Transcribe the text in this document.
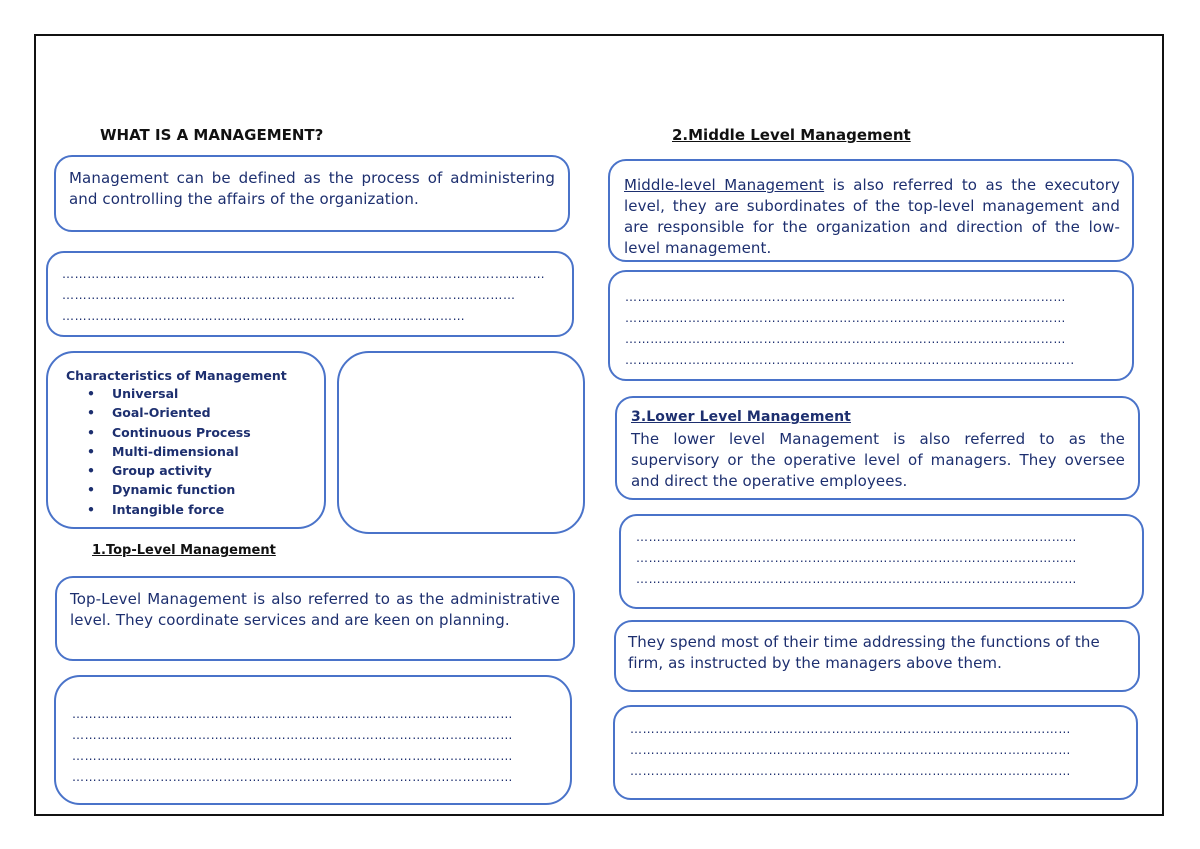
WHAT IS A MANAGEMENT?
Management can be defined as the process of administering and controlling the affairs of the organization.
………………………………………………………………………………………….…………
………………………………………………………………………………………………
……………………………………………………………………………………
Characteristics of Management
• Universal
• Goal-Oriented
• Continuous Process
• Multi-dimensional
• Group activity
• Dynamic function
• Intangible force
1.Top-Level Management
Top-Level Management is also referred to as the administrative level. They coordinate services and are keen on planning.
……………………………………………………………………………………………
……………………………………………………………………………………………
……………………………………………………………………………………………
……………………………………………………………………………………………
2.Middle Level Management
Middle-level Management is also referred to as the executory level, they are subordinates of the top-level management and are responsible for the organization and direction of the low-level management.
……………………………………………………………………………………………
……………………………………………………………………………………………
……………………………………………………………………………………………
……………………………………………………………………………………………..
3.Lower Level Management
The lower level Management is also referred to as the supervisory or the operative level of managers. They oversee and direct the operative employees.
……………………………………………………………………………………………
……………………………………………………………………………………………
……………………………………………………………………………………………
They spend most of their time addressing the functions of the firm, as instructed by the managers above them.
……………………………………………………………………………………………
……………………………………………………………………………………………
……………………………………………………………………………………………
